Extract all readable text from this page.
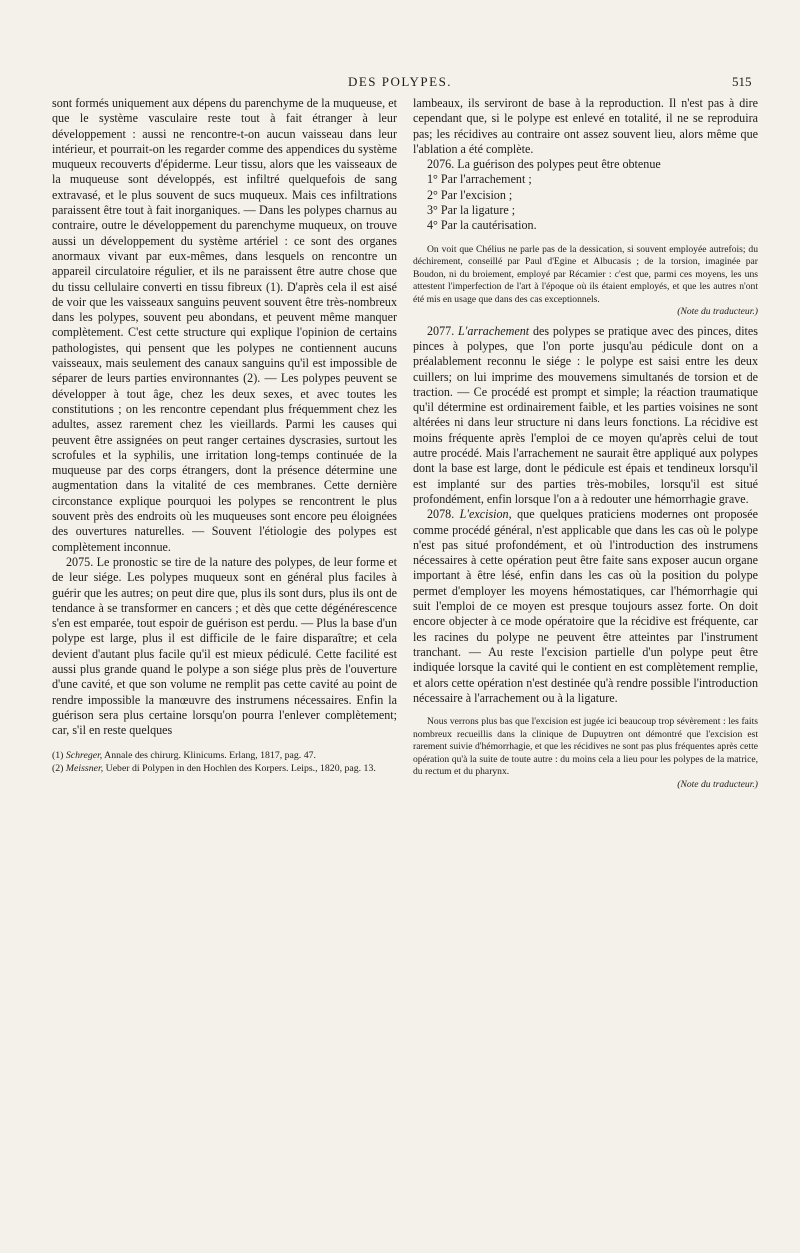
DES POLYPES.	515

sont formés uniquement aux dépens du parenchyme de la muqueuse, et que le système vasculaire reste tout à fait étranger à leur développement : aussi ne rencontre-t-on aucun vaisseau dans leur intérieur, et pourrait-on les regarder comme des appendices du système muqueux recouverts d'épiderme. Leur tissu, alors que les vaisseaux de la muqueuse sont développés, est infiltré quelquefois de sang extravasé, et le plus souvent de sucs muqueux. Mais ces infiltrations paraissent être tout à fait inorganiques. — Dans les polypes charnus au contraire, outre le développement du parenchyme muqueux, on trouve aussi un développement du système artériel : ce sont des organes anormaux vivant par eux-mêmes, dans lesquels on rencontre un appareil circulatoire régulier, et ils ne paraissent être autre chose que du tissu cellulaire converti en tissu fibreux (1). D'après cela il est aisé de voir que les vaisseaux sanguins peuvent souvent être très-nombreux dans les polypes, souvent peu abondans, et peuvent même manquer complètement. C'est cette structure qui explique l'opinion de certains pathologistes, qui pensent que les polypes ne contiennent aucuns vaisseaux, mais seulement des canaux sanguins qu'il est impossible de séparer de leurs parties environnantes (2). — Les polypes peuvent se développer à tout âge, chez les deux sexes, et avec toutes les constitutions ; on les rencontre cependant plus fréquemment chez les adultes, assez rarement chez les vieillards. Parmi les causes qui peuvent être assignées on peut ranger certaines dyscrasies, surtout les scrofules et la syphilis, une irritation long-temps continuée de la muqueuse par des corps étrangers, dont la présence détermine une augmentation dans la vitalité de ces membranes. Cette dernière circonstance explique pourquoi les polypes se rencontrent le plus souvent près des endroits où les muqueuses sont encore peu éloignées des ouvertures naturelles. — Souvent l'étiologie des polypes est complètement inconnue.

2075. Le pronostic se tire de la nature des polypes, de leur forme et de leur siége. Les polypes muqueux sont en général plus faciles à guérir que les autres; on peut dire que, plus ils sont durs, plus ils ont de tendance à se transformer en cancers ; et dès que cette dégénérescence s'en est emparée, tout espoir de guérison est perdu. — Plus la base d'un polype est large, plus il est difficile de le faire disparaître; et cela devient d'autant plus facile qu'il est mieux pédiculé. Cette facilité est aussi plus grande quand le polype a son siége plus près de l'ouverture d'une cavité, et que son volume ne remplit pas cette cavité au point de rendre impossible la manœuvre des instrumens nécessaires. Enfin la guérison sera plus certaine lorsqu'on pourra l'enlever complètement; car, s'il en reste quelques

(1) Schreger, Annale des chirurg. Klinicums. Erlang, 1817, pag. 47.

(2) Meissner, Ueber di Polypen in den Hochlen des Korpers. Leips., 1820, pag. 13.

lambeaux, ils serviront de base à la reproduction. Il n'est pas à dire cependant que, si le polype est enlevé en totalité, il ne se reproduira pas; les récidives au contraire ont assez souvent lieu, alors même que l'ablation a été complète.

2076. La guérison des polypes peut être obtenue

1° Par l'arrachement ;

2° Par l'excision ;

3° Par la ligature ;

4° Par la cautérisation.

On voit que Chélius ne parle pas de la dessication, si souvent employée autrefois; du déchirement, conseillé par Paul d'Egine et Albucasis ; de la torsion, imaginée par Boudon, ni du broiement, employé par Récamier : c'est que, parmi ces moyens, les uns attestent l'imperfection de l'art à l'époque où ils étaient employés, et que les autres n'ont été mis en usage que dans des cas exceptionnels.

(Note du traducteur.)

2077. L'arrachement des polypes se pratique avec des pinces, dites pinces à polypes, que l'on porte jusqu'au pédicule dont on a préalablement reconnu le siége : le polype est saisi entre les deux cuillers; on lui imprime des mouvemens simultanés de torsion et de traction. — Ce procédé est prompt et simple; la réaction traumatique qu'il détermine est ordinairement faible, et les parties voisines ne sont altérées ni dans leur structure ni dans leurs fonctions. La récidive est moins fréquente après l'emploi de ce moyen qu'après celui de tout autre procédé. Mais l'arrachement ne saurait être appliqué aux polypes dont la base est large, dont le pédicule est épais et tendineux lorsqu'il est implanté sur des parties très-mobiles, lorsqu'il est situé profondément, enfin lorsque l'on a à redouter une hémorrhagie grave.

2078. L'excision, que quelques praticiens modernes ont proposée comme procédé général, n'est applicable que dans les cas où le polype n'est pas situé profondément, et où l'introduction des instrumens nécessaires à cette opération peut être faite sans exposer aucun organe important à être lésé, enfin dans les cas où la position du polype permet d'employer les moyens hémostatiques, car l'hémorrhagie qui suit l'emploi de ce moyen est presque toujours assez forte. On doit encore objecter à ce mode opératoire que la récidive est fréquente, car les racines du polype ne peuvent être atteintes par l'instrument tranchant. — Au reste l'excision partielle d'un polype peut être indiquée lorsque la cavité qui le contient en est complètement remplie, et alors cette opération n'est destinée qu'à rendre possible l'introduction nécessaire à l'arrachement ou à la ligature.

Nous verrons plus bas que l'excision est jugée ici beaucoup trop sévèrement : les faits nombreux recueillis dans la clinique de Dupuytren ont démontré que l'excision est rarement suivie d'hémorrhagie, et que les récidives ne sont pas plus fréquentes après cette opération qu'à la suite de toute autre : du moins cela a lieu pour les polypes de la matrice, du rectum et du pharynx.

(Note du traducteur.)
